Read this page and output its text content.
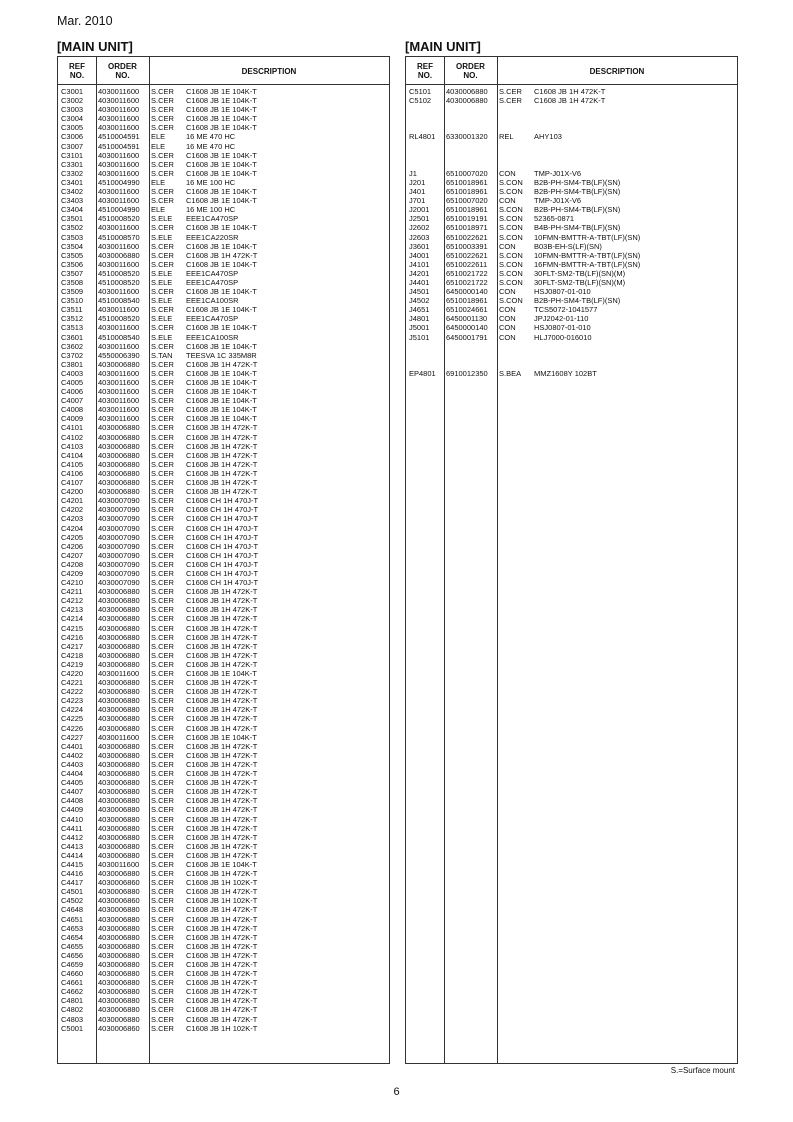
Mar. 2010
[MAIN UNIT]	[MAIN UNIT]
REF
NO.
ORDER
NO.	DESCRIPTION
C3001 4030011600 S.CER C1608 JB 1E 104K-T
C3002 4030011600 S.CER C1608 JB 1E 104K-T
C3003 4030011600 S.CER C1608 JB 1E 104K-T
C3004 4030011600 S.CER C1608 JB 1E 104K-T
C3005 4030011600 S.CER C1608 JB 1E 104K-T
C3006 4510004591 ELE	16 ME 470 HC
C3007 4510004591 ELE	16 ME 470 HC
C3101 4030011600 S.CER C1608 JB 1E 104K-T
C3301 4030011600 S.CER C1608 JB 1E 104K-T
C3302 4030011600 S.CER C1608 JB 1E 104K-T
C3401 4510004990 ELE	16 ME 100 HC
C3402 4030011600 S.CER C1608 JB 1E 104K-T
C3403 4030011600 S.CER C1608 JB 1E 104K-T
C3404 4510004990 ELE	16 ME 100 HC
C3501 4510008520 S.ELE EEE1CA470SP
C3502 4030011600 S.CER C1608 JB 1E 104K-T
C3503 4510008570 S.ELE EEE1CA220SR
C3504 4030011600 S.CER C1608 JB 1E 104K-T
C3505 4030006880 S.CER C1608 JB 1H 472K-T
C3506 4030011600 S.CER C1608 JB 1E 104K-T
C3507 4510008520 S.ELE EEE1CA470SP
C3508 4510008520 S.ELE EEE1CA470SP
C3509 4030011600 S.CER C1608 JB 1E 104K-T
C3510 4510008540 S.ELE EEE1CA100SR
C3511 4030011600 S.CER C1608 JB 1E 104K-T
C3512 4510008520 S.ELE EEE1CA470SP
C3513 4030011600 S.CER C1608 JB 1E 104K-T
C3601 4510008540 S.ELE EEE1CA100SR
C3602 4030011600 S.CER C1608 JB 1E 104K-T
C3702 4550006390 S.TAN TEESVA 1C 335M8R
C3801 4030006880 S.CER C1608 JB 1H 472K-T
C4003 4030011600 S.CER C1608 JB 1E 104K-T
C4005 4030011600 S.CER C1608 JB 1E 104K-T
C4006 4030011600 S.CER C1608 JB 1E 104K-T
C4007 4030011600 S.CER C1608 JB 1E 104K-T
C4008 4030011600 S.CER C1608 JB 1E 104K-T
C4009 4030011600 S.CER C1608 JB 1E 104K-T
C4101 4030006880 S.CER C1608 JB 1H 472K-T
C4102 4030006880 S.CER C1608 JB 1H 472K-T
C4103 4030006880 S.CER C1608 JB 1H 472K-T
C4104 4030006880 S.CER C1608 JB 1H 472K-T
C4105 4030006880 S.CER C1608 JB 1H 472K-T
C4106 4030006880 S.CER C1608 JB 1H 472K-T
C4107 4030006880 S.CER C1608 JB 1H 472K-T
C4200 4030006880 S.CER C1608 JB 1H 472K-T
C4201 4030007090 S.CER C1608 CH 1H 470J-T
C4202 4030007090 S.CER C1608 CH 1H 470J-T
C4203 4030007090 S.CER C1608 CH 1H 470J-T
C4204 4030007090 S.CER C1608 CH 1H 470J-T
C4205 4030007090 S.CER C1608 CH 1H 470J-T
C4206 4030007090 S.CER C1608 CH 1H 470J-T
C4207 4030007090 S.CER C1608 CH 1H 470J-T
C4208 4030007090 S.CER C1608 CH 1H 470J-T
C4209 4030007090 S.CER C1608 CH 1H 470J-T
C4210 4030007090 S.CER C1608 CH 1H 470J-T
C4211 4030006880 S.CER C1608 JB 1H 472K-T
C4212 4030006880 S.CER C1608 JB 1H 472K-T
C4213 4030006880 S.CER C1608 JB 1H 472K-T
C4214 4030006880 S.CER C1608 JB 1H 472K-T
C4215 4030006880 S.CER C1608 JB 1H 472K-T
C4216 4030006880 S.CER C1608 JB 1H 472K-T
C4217 4030006880 S.CER C1608 JB 1H 472K-T
C4218 4030006880 S.CER C1608 JB 1H 472K-T
C4219 4030006880 S.CER C1608 JB 1H 472K-T
C4220 4030011600 S.CER C1608 JB 1E 104K-T
C4221 4030006880 S.CER C1608 JB 1H 472K-T
C4222 4030006880 S.CER C1608 JB 1H 472K-T
C4223 4030006880 S.CER C1608 JB 1H 472K-T
C4224 4030006880 S.CER C1608 JB 1H 472K-T
C4225 4030006880 S.CER C1608 JB 1H 472K-T
C4226 4030006880 S.CER C1608 JB 1H 472K-T
C4227 4030011600 S.CER C1608 JB 1E 104K-T
C4401 4030006880 S.CER C1608 JB 1H 472K-T
C4402 4030006880 S.CER C1608 JB 1H 472K-T
C4403 4030006880 S.CER C1608 JB 1H 472K-T
C4404 4030006880 S.CER C1608 JB 1H 472K-T
C4405 4030006880 S.CER C1608 JB 1H 472K-T
C4407 4030006880 S.CER C1608 JB 1H 472K-T
C4408 4030006880 S.CER C1608 JB 1H 472K-T
C4409 4030006880 S.CER C1608 JB 1H 472K-T
C4410 4030006880 S.CER C1608 JB 1H 472K-T
C4411 4030006880 S.CER C1608 JB 1H 472K-T
C4412 4030006880 S.CER C1608 JB 1H 472K-T
C4413 4030006880 S.CER C1608 JB 1H 472K-T
C4414 4030006880 S.CER C1608 JB 1H 472K-T
C4415 4030011600 S.CER C1608 JB 1E 104K-T
C4416 4030006880 S.CER C1608 JB 1H 472K-T
C4417 4030006860 S.CER C1608 JB 1H 102K-T
C4501 4030006880 S.CER C1608 JB 1H 472K-T
C4502 4030006860 S.CER C1608 JB 1H 102K-T
C4648 4030006880 S.CER C1608 JB 1H 472K-T
C4651 4030006880 S.CER C1608 JB 1H 472K-T
C4653 4030006880 S.CER C1608 JB 1H 472K-T
C4654 4030006880 S.CER C1608 JB 1H 472K-T
C4655 4030006880 S.CER C1608 JB 1H 472K-T
C4656 4030006880 S.CER C1608 JB 1H 472K-T
C4659 4030006880 S.CER C1608 JB 1H 472K-T
C4660 4030006880 S.CER C1608 JB 1H 472K-T
C4661 4030006880 S.CER C1608 JB 1H 472K-T
C4662 4030006880 S.CER C1608 JB 1H 472K-T
C4801 4030006880 S.CER C1608 JB 1H 472K-T
C4802 4030006880 S.CER C1608 JB 1H 472K-T
C4803 4030006880 S.CER C1608 JB 1H 472K-T
C5001 4030006860 S.CER C1608 JB 1H 102K-T
REF
NO.
ORDER
NO.	DESCRIPTION
C5101 4030006880 S.CER C1608 JB 1H 472K-T
C5102 4030006880 S.CER C1608 JB 1H 472K-T
RL4801 6330001320 REL	AHY103
J1	6510007020 CON TMP-J01X-V6
J201	6510018961 S.CON B2B-PH-SM4-TB(LF)(SN)
J401	6510018961 S.CON B2B-PH-SM4-TB(LF)(SN)
J701	6510007020 CON TMP-J01X-V6
J2001 6510018961 S.CON B2B-PH-SM4-TB(LF)(SN)
J2501 6510019191 S.CON 52365-0871
J2602 6510018971 S.CON B4B-PH-SM4-TB(LF)(SN)
J2603 6510022621 S.CON 10FMN-BMTTR-A-TBT(LF)(SN)
J3601 6510003391 CON B03B-EH-S(LF)(SN)
J4001 6510022621 S.CON 10FMN-BMTTR-A-TBT(LF)(SN)
J4101 6510022611 S.CON 16FMN-BMTTR-A-TBT(LF)(SN)
J4201 6510021722 S.CON 30FLT-SM2-TB(LF)(SN)(M)
J4401 6510021722 S.CON 30FLT-SM2-TB(LF)(SN)(M)
J4501 6450000140 CON HSJ0807-01-010
J4502 6510018961 S.CON B2B-PH-SM4-TB(LF)(SN)
J4651 6510024661 CON TCS5072-1041577
J4801 6450001130 CON JPJ2042-01-110
J5001 6450000140 CON HSJ0807-01-010
J5101 6450001791 CON HLJ7000-016010
EP4801 6910012350 S.BEA MMZ1608Y 102BT
S.=Surface mount
6
